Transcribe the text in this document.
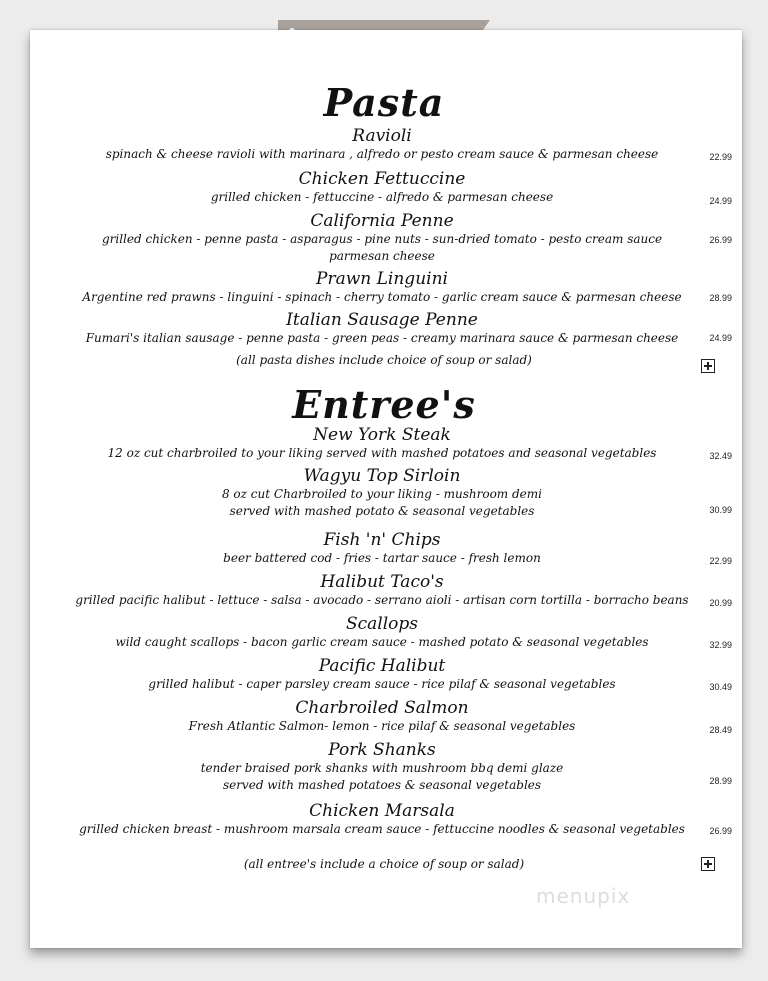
Pasta
Ravioli
spinach & cheese ravioli with marinara , alfredo or pesto cream sauce & parmesan cheese	22.99
Chicken Fettuccine
grilled chicken - fettuccine - alfredo & parmesan cheese	24.99
California Penne
grilled chicken - penne pasta - asparagus - pine nuts - sun-dried tomato - pesto cream sauce
parmesan cheese
26.99
Prawn Linguini
Argentine red prawns - linguini - spinach - cherry tomato - garlic cream sauce & parmesan cheese	28.99
Italian Sausage Penne
Fumari's italian sausage - penne pasta - green peas - creamy marinara sauce & parmesan cheese	24.99
(all pasta dishes include choice of soup or salad)
Entree's
New York Steak
12 oz cut charbroiled to your liking served with mashed potatoes and seasonal vegetables	32.49
Wagyu Top Sirloin
8 oz cut Charbroiled to your liking - mushroom demi
served with mashed potato & seasonal vegetables	30.99
Fish 'n' Chips
beer battered cod - fries - tartar sauce - fresh lemon	22.99
Halibut Taco's
grilled pacific halibut - lettuce - salsa - avocado - serrano aioli - artisan corn tortilla - borracho beans	20.99
Scallops
wild caught scallops - bacon garlic cream sauce - mashed potato & seasonal vegetables	32.99
Pacific Halibut
grilled halibut - caper parsley cream sauce - rice pilaf & seasonal vegetables	30.49
Charbroiled Salmon
Fresh Atlantic Salmon- lemon - rice pilaf & seasonal vegetables	28.49
Pork Shanks
tender braised pork shanks with mushroom bbq demi glaze
served with mashed potatoes & seasonal vegetables	28.99
Chicken Marsala
grilled chicken breast - mushroom marsala cream sauce - fettuccine noodles & seasonal vegetables	26.99
(all entree's include a choice of soup or salad)
menupix
